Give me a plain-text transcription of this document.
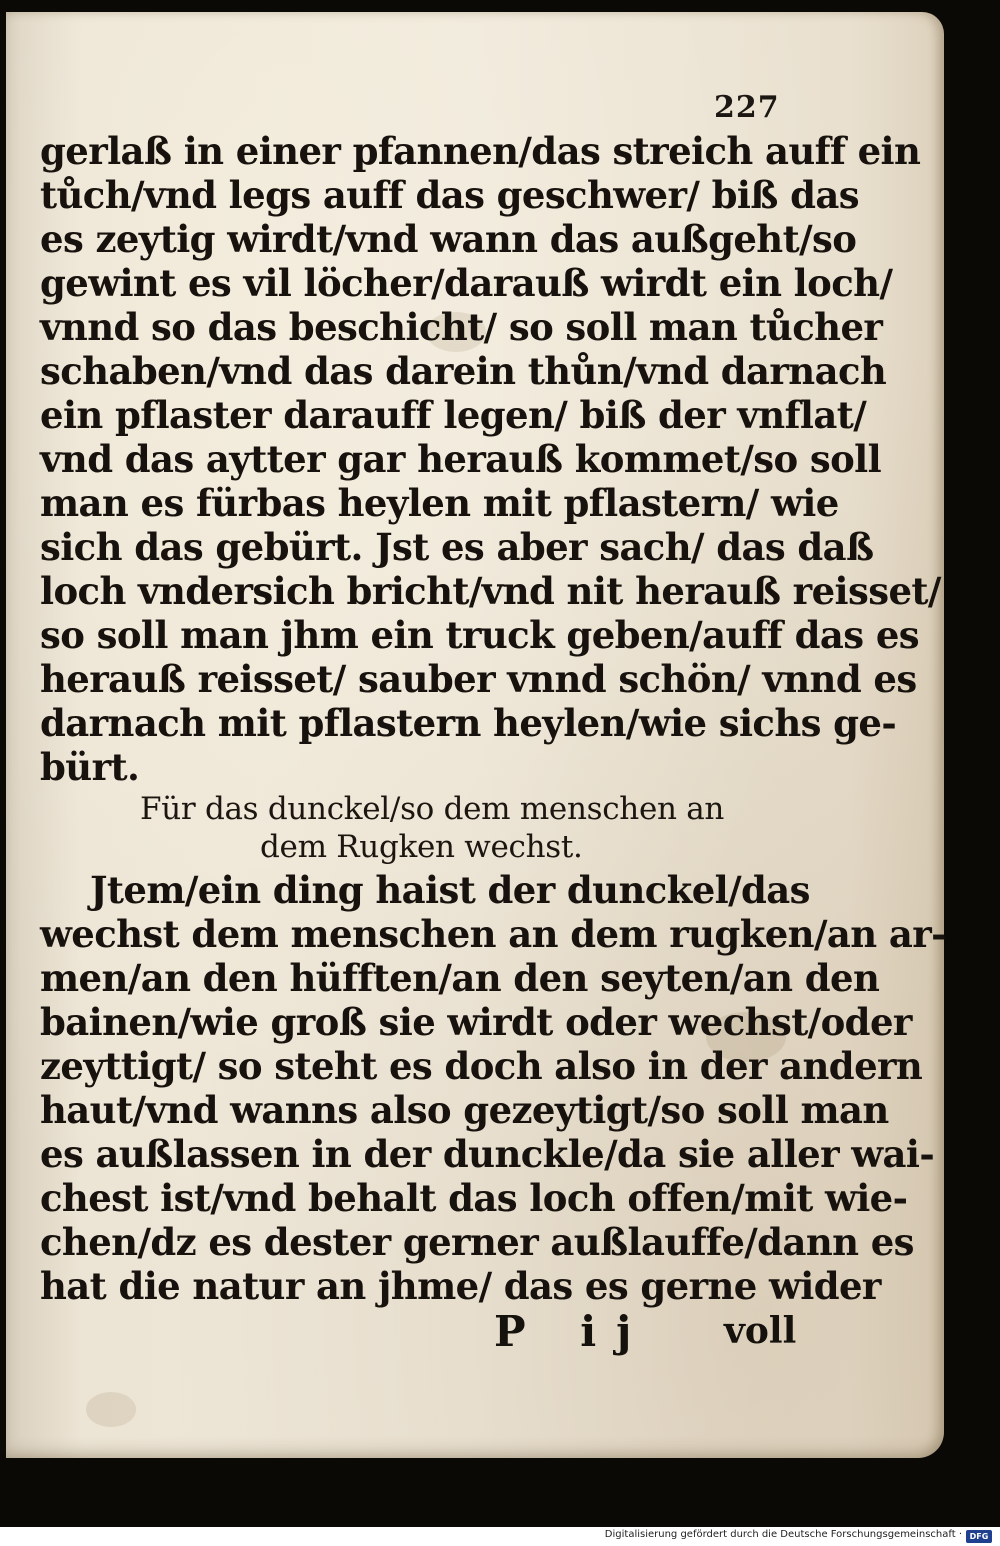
227
gerlaß in einer pfannen/das streich auff ein
tůch/vnd legs auff das geschwer/ biß das
es zeytig wirdt/vnd wann das außgeht/so
gewint es vil löcher/darauß wirdt ein loch/
vnnd so das beschicht/ so soll man tůcher
schaben/vnd das darein thůn/vnd darnach
ein pflaster darauff legen/ biß der vnflat/
vnd das aytter gar herauß kommet/so soll
man es fürbas heylen mit pflastern/ wie
sich das gebürt. Jst es aber sach/ das daß
loch vndersich bricht/vnd nit herauß reisset/
so soll man jhm ein truck geben/auff das es
herauß reisset/ sauber vnnd schön/ vnnd es
darnach mit pflastern heylen/wie sichs ge-
bürt.
Für das dunckel/so dem menschen an
dem Rugken wechst.
Jtem/ein ding haist der dunckel/das
wechst dem menschen an dem rugken/an ar-
men/an den hüfften/an den seyten/an den
bainen/wie groß sie wirdt oder wechst/oder
zeyttigt/ so steht es doch also in der andern
haut/vnd wanns also gezeytigt/so soll man
es außlassen in der dunckle/da sie aller wai-
chest ist/vnd behalt das loch offen/mit wie-
chen/dz es dester gerner außlauffe/dann es
hat die natur an jhme/ das es gerne wider
P ij voll
Digitalisierung gefördert durch die Deutsche Forschungsgemeinschaft · DFG
